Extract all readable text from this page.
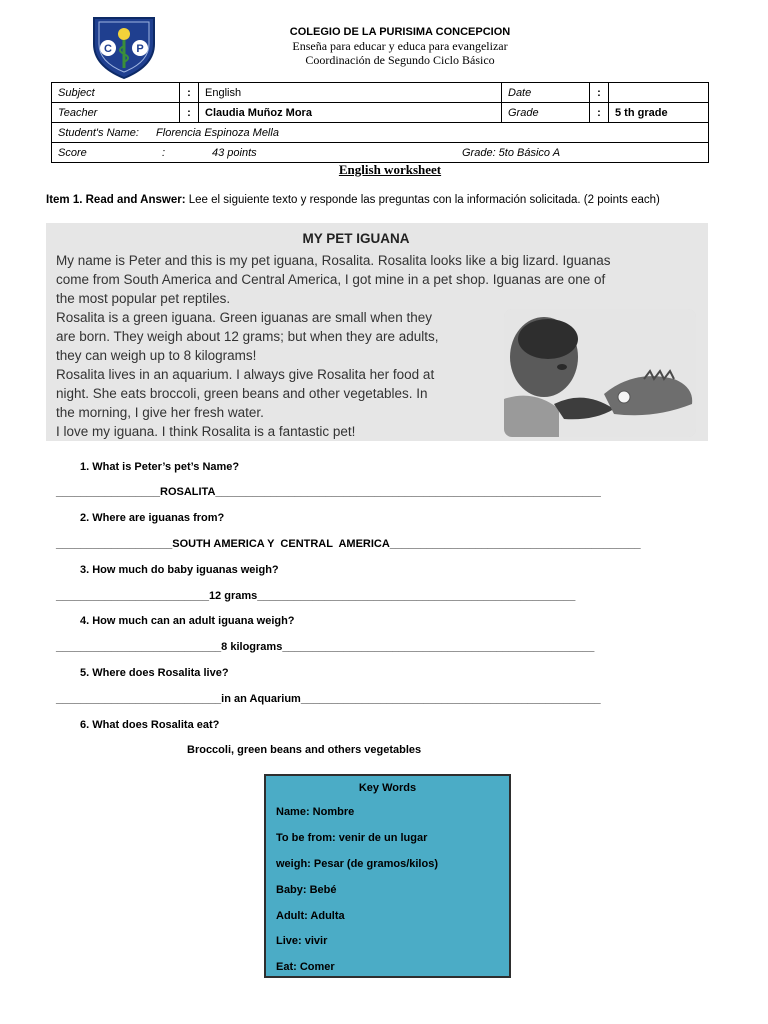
C P
COLEGIO DE LA PURISIMA CONCEPCION
Enseña para educar y educa para evangelizar
Coordinación de Segundo Ciclo Básico
Subject	:	English	Date	:	
Teacher	:	Claudia Muñoz Mora	Grade	:	5 th grade
Student's Name: Florencia Espinoza Mella					
Score : 43 points Grade: 5to Básico A					
English worksheet
Item 1. Read and Answer: Lee el siguiente texto y responde las preguntas con la información solicitada. (2 points each)
MY PET IGUANA
My name is Peter and this is my pet iguana, Rosalita. Rosalita looks like a big lizard. Iguanas
come from South America and Central America, I got mine in a pet shop. Iguanas are one of
the most popular pet reptiles.
Rosalita is a green iguana. Green iguanas are small when they
are born. They weigh about 12 grams; but when they are adults,
they can weigh up to 8 kilograms!
Rosalita lives in an aquarium. I always give Rosalita her food at
night. She eats broccoli, green beans and other vegetables. In
the morning, I give her fresh water.
I love my iguana. I think Rosalita is a fantastic pet!
1. What is Peter’s pet’s Name?
_________________ROSALITA_______________________________________________________________
2. Where are iguanas from?
___________________SOUTH AMERICA Y  CENTRAL  AMERICA_________________________________________
3. How much do baby iguanas weigh?
_________________________12 grams____________________________________________________
4. How much can an adult iguana weigh?
___________________________8 kilograms___________________________________________________
5. Where does Rosalita live?
___________________________in an Aquarium_________________________________________________
6. What does Rosalita eat?
Broccoli, green beans and others vegetables
Key Words
Name: Nombre
To be from: venir de un lugar
weigh: Pesar (de gramos/kilos)
Baby: Bebé
Adult: Adulta
Live: vivir
Eat: Comer
